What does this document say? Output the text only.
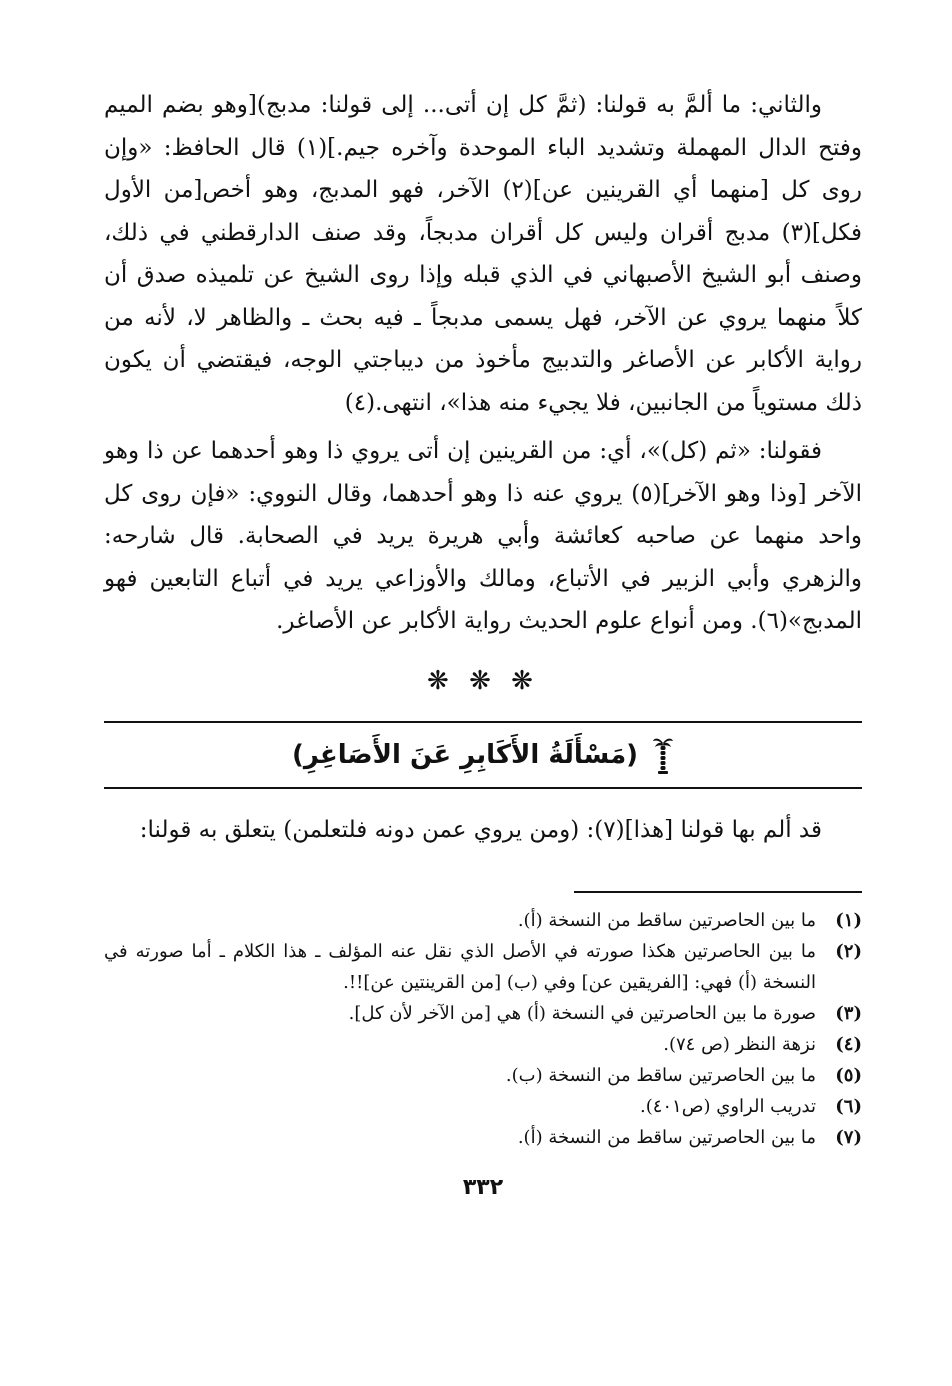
والثاني: ما ألمَّ به قولنا: (ثمَّ كل إن أتى... إلى قولنا: مدبج)[وهو بضم الميم وفتح الدال المهملة وتشديد الباء الموحدة وآخره جيم.](١) قال الحافظ: «وإن روى كل [منهما أي القرينين عن](٢) الآخر، فهو المدبج، وهو أخص[من الأول فكل](٣) مدبج أقران وليس كل أقران مدبجاً، وقد صنف الدارقطني في ذلك، وصنف أبو الشيخ الأصبهاني في الذي قبله وإذا روى الشيخ عن تلميذه صدق أن كلاً منهما يروي عن الآخر، فهل يسمى مدبجاً ـ فيه بحث ـ والظاهر لا، لأنه من رواية الأكابر عن الأصاغر والتدبيج مأخوذ من ديباجتي الوجه، فيقتضي أن يكون ذلك مستوياً من الجانبين، فلا يجيء منه هذا»، انتهى.(٤)

فقولنا: «ثم (كل)»، أي: من القرينين إن أتى يروي ذا وهو أحدهما عن ذا وهو الآخر [وذا وهو الآخر](٥) يروي عنه ذا وهو أحدهما، وقال النووي: «فإن روى كل واحد منهما عن صاحبه كعائشة وأبي هريرة يريد في الصحابة. قال شارحه: والزهري وأبي الزبير في الأتباع، ومالك والأوزاعي يريد في أتباع التابعين فهو المدبج»(٦). ومن أنواع علوم الحديث رواية الأكابر عن الأصاغر.

❋ ❋ ❋
(مَسْأَلَةُ الأَكَابِرِ عَنَ الأَصَاغِرِ)

قد ألم بها قولنا [هذا](٧): (ومن يروي عمن دونه فلتعلمن) يتعلق به قولنا:

(١)
ما بين الحاصرتين ساقط من النسخة (أ).
(٢)
ما بين الحاصرتين هكذا صورته في الأصل الذي نقل عنه المؤلف ـ هذا الكلام ـ أما صورته في النسخة (أ) فهي: [الفريقين عن] وفي (ب) [من القرينتين عن]!!.
(٣)
صورة ما بين الحاصرتين في النسخة (أ) هي [من الآخر لأن كل].
(٤)
نزهة النظر (ص ٧٤).
(٥)
ما بين الحاصرتين ساقط من النسخة (ب).
(٦)
تدريب الراوي (ص٤٠١).
(٧)
ما بين الحاصرتين ساقط من النسخة (أ).
٣٣٢
